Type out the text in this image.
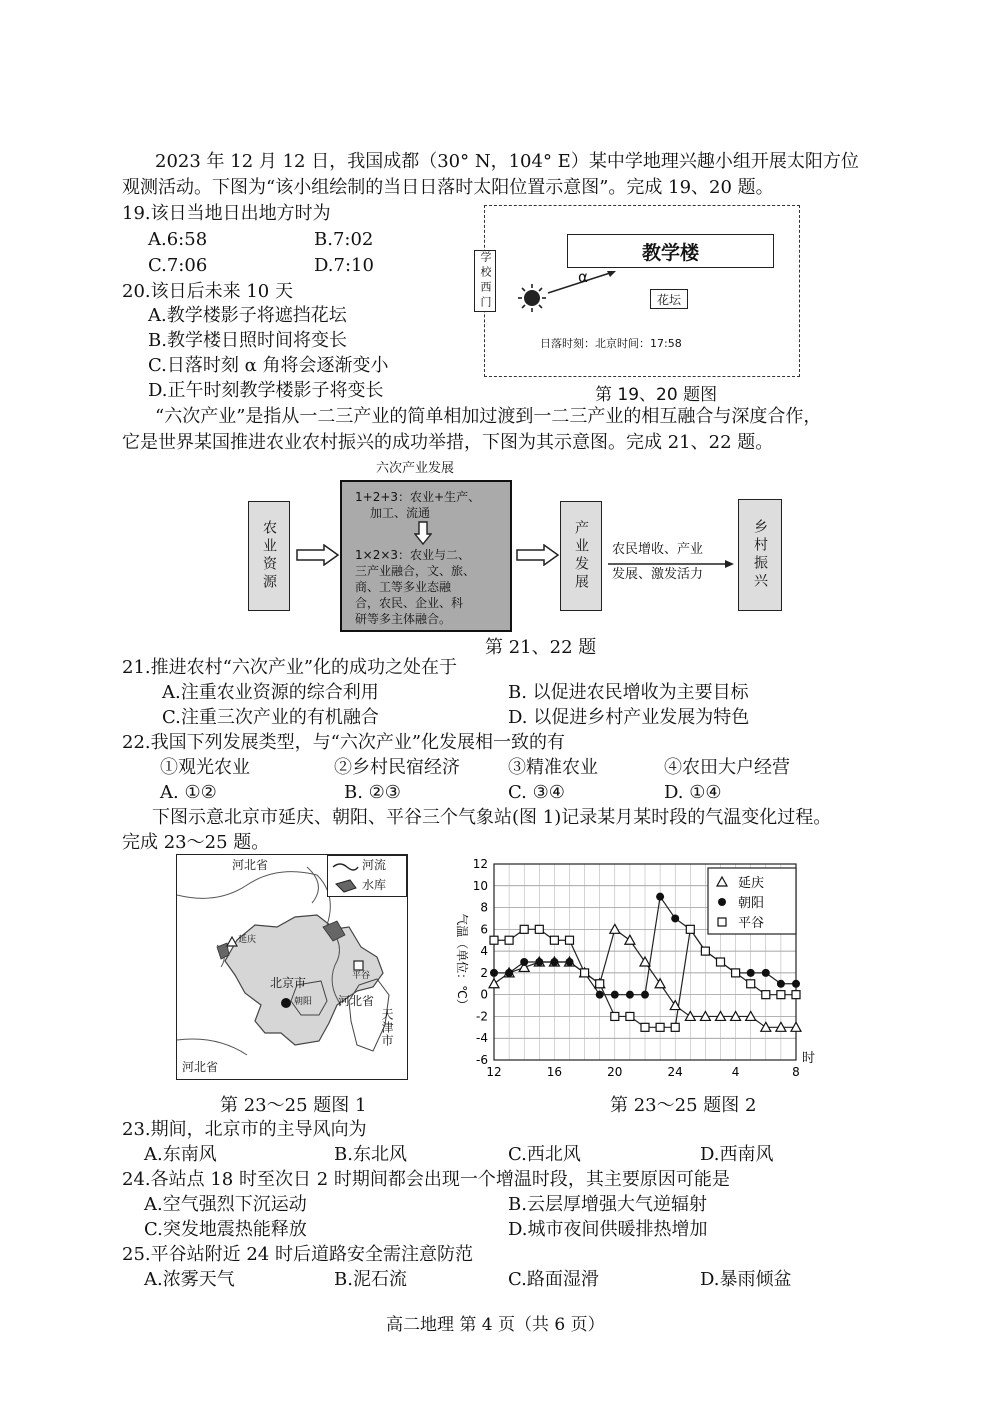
2023 年 12 月 12 日，我国成都（30° N，104° E）某中学地理兴趣小组开展太阳方位
观测活动。下图为“该小组绘制的当日日落时太阳位置示意图”。完成 19、20 题。
19.该日当地日出地方时为
A.6:58	B.7:02
C.7:06	D.7:10
20.该日后未来 10 天
A.教学楼影子将遮挡花坛
B.教学楼日照时间将变长
C.日落时刻 α 角将会逐渐变小
D.正午时刻教学楼影子将变长
学校西门	教学楼
花坛
α
日落时刻：北京时间：17:58
第 19、20 题图
“六次产业”是指从一二三产业的简单相加过渡到一二三产业的相互融合与深度合作，
它是世界某国推进农业农村振兴的成功举措，下图为其示意图。完成 21、22 题。
六次产业发展
农业资源
1+2+3：农业+生产、
加工、流通
1×2×3：农业与二、
三产业融合，文、旅、
商、工等多业态融
合，农民、企业、科
研等多主体融合。
产业发展	农民增收、产业
发展、激发活力	乡村振兴
第 21、22 题
21.推进农村“六次产业”化的成功之处在于
A.注重农业资源的综合利用	B. 以促进农民增收为主要目标
C.注重三次产业的有机融合	D. 以促进乡村产业发展为特色
22.我国下列发展类型，与“六次产业”化发展相一致的有
①观光农业	②乡村民宿经济	③精准农业	④农田大户经营
A. ①②	B. ②③	C. ③④	D. ①④
下图示意北京市延庆、朝阳、平谷三个气象站(图 1)记录某月某时段的气温变化过程。
完成 23～25 题。
河流
水库
河北省
延庆
平谷
北京市
朝阳 河北省
天津市
河北省
第 23～25 题图 1
12
10
8
6
4
2
0
-2
-4
-6
12	16	20	24	4	8
时
气温（单位：℃）
延庆
朝阳
平谷
第 23～25 题图 2
23.期间，北京市的主导风向为
A.东南风	B.东北风	C.西北风	D.西南风
24.各站点 18 时至次日 2 时期间都会出现一个增温时段，其主要原因可能是
A.空气强烈下沉运动	B.云层厚增强大气逆辐射
C.突发地震热能释放	D.城市夜间供暖排热增加
25.平谷站附近 24 时后道路安全需注意防范
A.浓雾天气	B.泥石流	C.路面湿滑	D.暴雨倾盆
高二地理 第 4 页（共 6 页）
